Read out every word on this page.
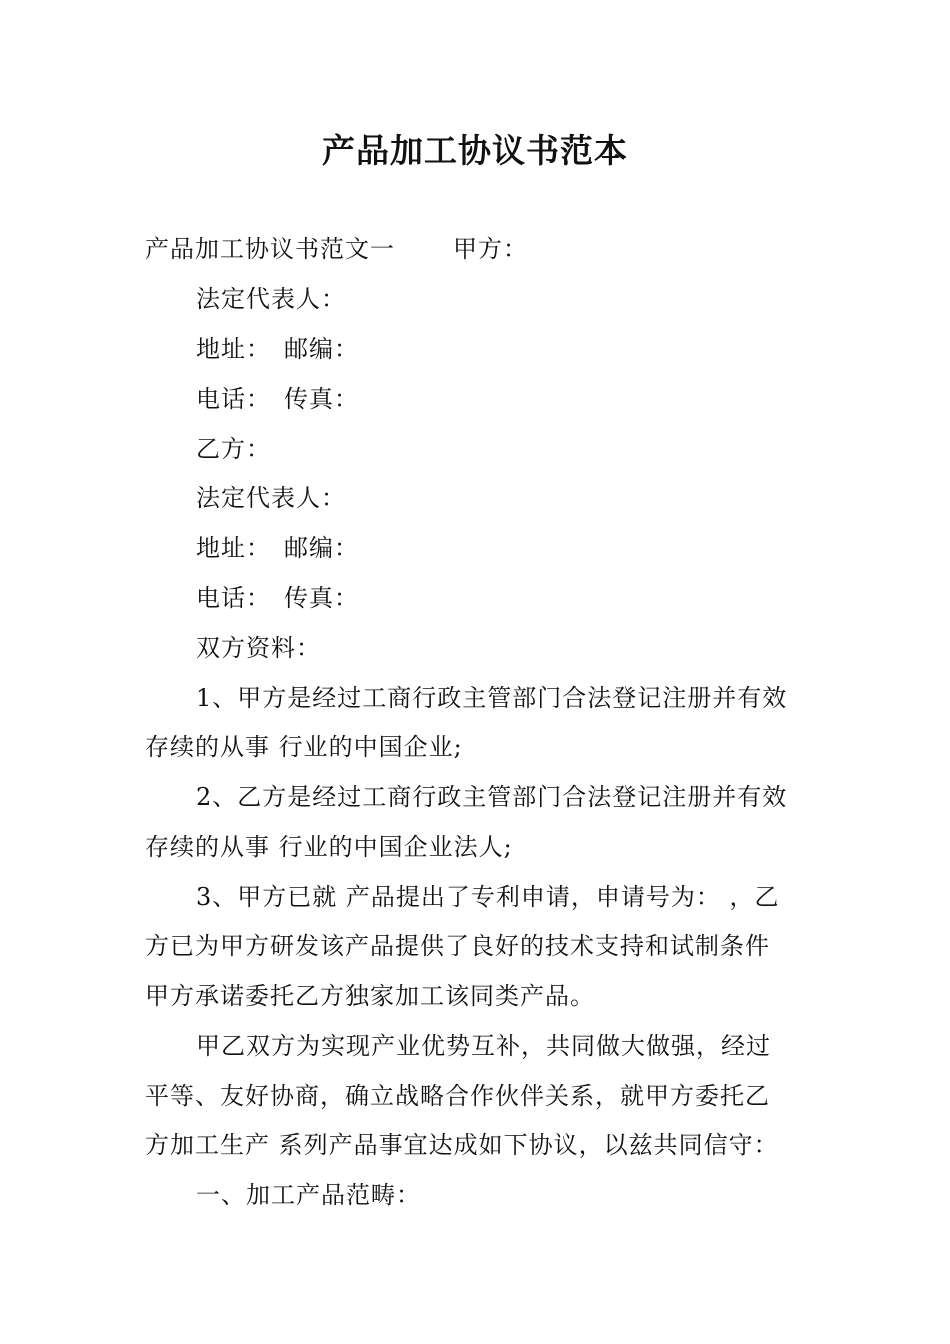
产品加工协议书范本
产品加工协议书范文一 甲方：
法定代表人：
地址：　邮编：
电话：　传真：
乙方：
法定代表人：
地址：　邮编：
电话：　传真：
双方资料：
1、甲方是经过工商行政主管部门合法登记注册并有效
存续的从事 行业的中国企业;
2、乙方是经过工商行政主管部门合法登记注册并有效
存续的从事 行业的中国企业法人;
3、甲方已就 产品提出了专利申请，申请号为： ，乙
方已为甲方研发该产品提供了良好的技术支持和试制条件
甲方承诺委托乙方独家加工该同类产品。
甲乙双方为实现产业优势互补，共同做大做强，经过
平等、友好协商，确立战略合作伙伴关系，就甲方委托乙
方加工生产 系列产品事宜达成如下协议，以兹共同信守：
一、加工产品范畴：
